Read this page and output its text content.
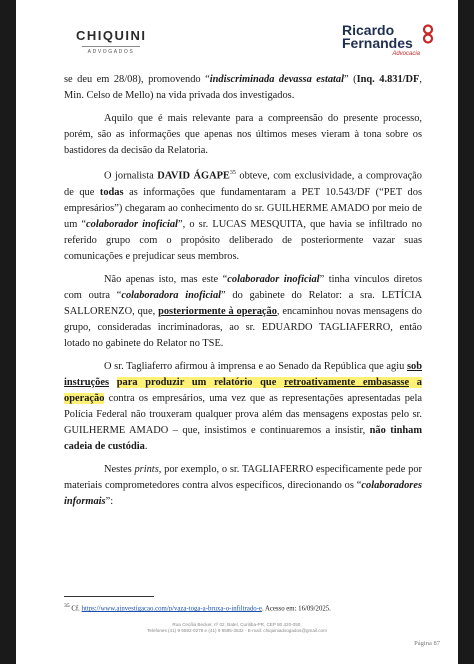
CHIQUINI
ADVOGADOS
Ricardo
Fernandes
Advocacia

se deu em 28/08), promovendo “indiscriminada devassa estatal” (Inq. 4.831/DF, Min. Celso de Mello) na vida privada dos investigados.

Aquilo que é mais relevante para a compreensão do presente processo, porém, são as informações que apenas nos últimos meses vieram à tona sobre os bastidores da decisão da Relatoria.

O jornalista DAVID ÁGAPE$^{35}$ obteve, com exclusividade, a comprovação de que todas as informações que fundamentaram a PET 10.543/DF (“PET dos empresários”) chegaram ao conhecimento do sr. GUILHERME AMADO por meio de um “colaborador inoficial”, o sr. LUCAS MESQUITA, que havia se infiltrado no referido grupo com o propósito deliberado de posteriormente vazar suas comunicações e prejudicar seus membros.

Não apenas isto, mas este “colaborador inoficial” tinha vínculos diretos com outra “colaboradora inoficial” do gabinete do Relator: a sra. LETÍCIA SALLORENZO, que, posteriormente à operação, encaminhou novas mensagens do grupo, consideradas incriminadoras, ao sr. EDUARDO TAGLIAFERRO, então lotado no gabinete do Relator no TSE.

O sr. Tagliaferro afirmou à imprensa e ao Senado da República que agiu sob instruções para produzir um relatório que retroativamente embasasse a operação contra os empresários, uma vez que as representações apresentadas pela Polícia Federal não trouxeram qualquer prova além das mensagens expostas pelo sr. GUILHERME AMADO – que, insistimos e continuaremos a insistir, não tinham cadeia de custódia.

Nestes prints, por exemplo, o sr. TAGLIAFERRO especificamente pede por materiais comprometedores contra alvos específicos, direcionando os “colaboradores informais”:

$^{35}$ Cf. https://www.ainvestigacao.com/p/vaza-toga-a-bruxa-o-infiltrado-e. Acesso em: 16/09/2025.
Rua Cecília Becker, nº 02, Batel, Curitiba-PR, CEP 80.420-050,
Telefones (41) 9 9592-0278 e (41) 9 9595-3532 · E-mail: chiquiniadvogados@gmail.com
Página 87
